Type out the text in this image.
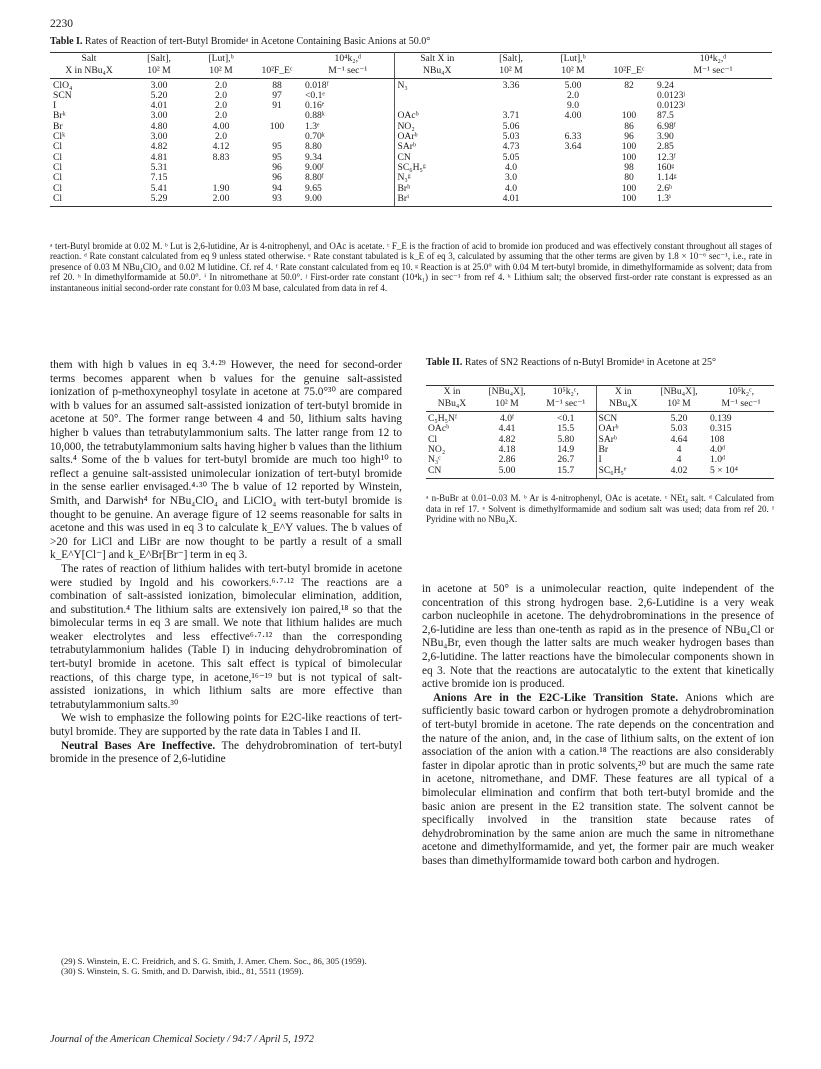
2230
Table I. Rates of Reaction of tert-Butyl Bromideᵃ in Acetone Containing Basic Anions at 50.0°
Salt	[Salt],	[Lut],ᵇ		10⁴k₂,ᵈ	Salt X in	[Salt],	[Lut],ᵇ		10⁴k₂,ᵈ
X in NBu₄X	10² M	10² M	10²F_Eᶜ	M⁻¹ sec⁻¹	NBu₄X	10² M	10² M	10²F_Eᶜ	M⁻¹ sec⁻¹
ClO₄	3.00	2.0	88	0.018ᶠ	N₃	3.36	5.00	82	9.24
SCN	5.20	2.0	97	<0.1ᵉ			2.0		0.0123ʲ
I	4.01	2.0	91	0.16ᵉ			9.0		0.0123ʲ
Brᵏ	3.00	2.0		0.88ᵏ	OAcᵇ	3.71	4.00	100	87.5
Br	4.80	4.00	100	1.3ᵉ	NO₂	5.06		86	6.98ᶠ
Clᵏ	3.00	2.0		0.70ᵏ	OArᵇ	5.03	6.33	96	3.90
Cl	4.82	4.12	95	8.80	SArᵇ	4.73	3.64	100	2.85
Cl	4.81	8.83	95	9.34	CN	5.05		100	12.3ᶠ
Cl	5.31		96	9.00ᶠ	SC₆H₅ᵍ	4.0		98	160ᵍ
Cl	7.15		96	8.80ᶠ	N₃ᵍ	3.0		80	1.14ᵍ
Cl	5.41	1.90	94	9.65	Brʰ	4.0		100	2.6ʰ
Cl	5.29	2.00	93	9.00	Brⁱ	4.01		100	1.3ⁱ
ᵃ tert-Butyl bromide at 0.02 M. ᵇ Lut is 2,6-lutidine, Ar is 4-nitrophenyl, and OAc is acetate. ᶜ F_E is the fraction of acid to bromide ion produced and was effectively constant throughout all stages of reaction. ᵈ Rate constant calculated from eq 9 unless stated otherwise. ᵉ Rate constant tabulated is k_E of eq 3, calculated by assuming that the other terms are given by 1.8 × 10⁻⁶ sec⁻¹, i.e., rate in presence of 0.03 M NBu₄ClO₄ and 0.02 M lutidine. Cf. ref 4. ᶠ Rate constant calculated from eq 10. ᵍ Reaction is at 25.0° with 0.04 M tert-butyl bromide, in dimethylformamide as solvent; data from ref 20. ʰ In dimethylformamide at 50.0°. ⁱ In nitromethane at 50.0°. ʲ First-order rate constant (10⁴k₁) in sec⁻¹ from ref 4. ᵏ Lithium salt; the observed first-order rate constant is expressed as an instantaneous initial second-order rate constant for 0.03 M base, calculated from data in ref 4.

them with high b values in eq 3.⁴·²⁹ However, the need for second-order terms becomes apparent when b values for the genuine salt-assisted ionization of p-methoxyneophyl tosylate in acetone at 75.0°³⁰ are compared with b values for an assumed salt-assisted ionization of tert-butyl bromide in acetone at 50°. The former range between 4 and 50, lithium salts having higher b values than tetrabutylammonium salts. The latter range from 12 to 10,000, the tetrabutylammonium salts having higher b values than the lithium salts.⁴ Some of the b values for tert-butyl bromide are much too high¹⁰ to reflect a genuine salt-assisted unimolecular ionization of tert-butyl bromide in the sense earlier envisaged.⁴·³⁰ The b value of 12 reported by Winstein, Smith, and Darwish⁴ for NBu₄ClO₄ and LiClO₄ with tert-butyl bromide is thought to be genuine. An average figure of 12 seems reasonable for salts in acetone and this was used in eq 3 to calculate k_E^Y values. The b values of >20 for LiCl and LiBr are now thought to be partly a result of a small k_E^Y[Cl⁻] and k_E^Br[Br⁻] term in eq 3.

The rates of reaction of lithium halides with tert-butyl bromide in acetone were studied by Ingold and his coworkers.⁶·⁷·¹² The reactions are a combination of salt-assisted ionization, bimolecular elimination, addition, and substitution.⁴ The lithium salts are extensively ion paired,¹⁸ so that the bimolecular terms in eq 3 are small. We note that lithium halides are much weaker electrolytes and less effective⁶·⁷·¹² than the corresponding tetrabutylammonium halides (Table I) in inducing dehydrobromination of tert-butyl bromide in acetone. This salt effect is typical of bimolecular reactions, of this charge type, in acetone,¹⁶⁻¹⁹ but is not typical of salt-assisted ionizations, in which lithium salts are more effective than tetrabutylammonium salts.³⁰

We wish to emphasize the following points for E2C-like reactions of tert-butyl bromide. They are supported by the rate data in Tables I and II.

Neutral Bases Are Ineffective. The dehydrobromination of tert-butyl bromide in the presence of 2,6-lutidine

(29) S. Winstein, E. C. Freidrich, and S. G. Smith, J. Amer. Chem. Soc., 86, 305 (1959).

(30) S. Winstein, S. G. Smith, and D. Darwish, ibid., 81, 5511 (1959).

Table II. Rates of SN2 Reactions of n-Butyl Bromideᵃ in Acetone at 25°
X in	[NBu₄X],	10⁵k₂ᶜ,	X in	[NBu₄X],	10⁵k₂ᶜ,
NBu₄X	10² M	M⁻¹ sec⁻¹	NBu₄X	10² M	M⁻¹ sec⁻¹
C₅H₅Nᶠ	4.0ᶠ	<0.1	SCN	5.20	0.139
OAcᵇ	4.41	15.5	OArᵇ	5.03	0.315
Cl	4.82	5.80	SArᵇ	4.64	108
NO₂	4.18	14.9	Br	4	4.0ᵈ
N₃ᶜ	2.86	26.7	I	4	1.0ᵈ
CN	5.00	15.7	SC₆H₅ᵉ	4.02	5 × 10⁴
ᵃ n-BuBr at 0.01–0.03 M. ᵇ Ar is 4-nitrophenyl, OAc is acetate. ᶜ NEt₄ salt. ᵈ Calculated from data in ref 17. ᵉ Solvent is dimethylformamide and sodium salt was used; data from ref 20. ᶠ Pyridine with no NBu₄X.

in acetone at 50° is a unimolecular reaction, quite independent of the concentration of this strong hydrogen base. 2,6-Lutidine is a very weak carbon nucleophile in acetone. The dehydrobrominations in the presence of 2,6-lutidine are less than one-tenth as rapid as in the presence of NBu₄Cl or NBu₄Br, even though the latter salts are much weaker hydrogen bases than 2,6-lutidine. The latter reactions have the bimolecular components shown in eq 3. Note that the reactions are autocatalytic to the extent that kinetically active bromide ion is produced.

Anions Are in the E2C-Like Transition State. Anions which are sufficiently basic toward carbon or hydrogen promote a dehydrobromination of tert-butyl bromide in acetone. The rate depends on the concentration and the nature of the anion, and, in the case of lithium salts, on the extent of ion association of the anion with a cation.¹⁸ The reactions are also considerably faster in dipolar aprotic than in protic solvents,²⁰ but are much the same rate in acetone, nitromethane, and DMF. These features are all typical of a bimolecular elimination and confirm that both tert-butyl bromide and the basic anion are present in the E2 transition state. The solvent cannot be specifically involved in the transition state because rates of dehydrobromination by the same anion are much the same in nitromethane acetone and dimethylformamide, and yet, the former pair are much weaker bases than dimethylformamide toward both carbon and hydrogen.

Journal of the American Chemical Society / 94:7 / April 5, 1972
